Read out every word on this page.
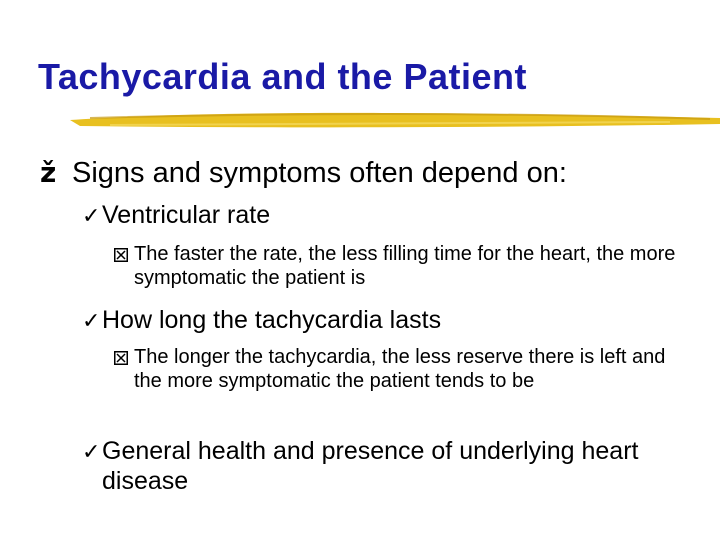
Tachycardia and the Patient
ž Signs and symptoms often depend on:
✓ Ventricular rate
The faster the rate, the less filling time for the heart, the more symptomatic the patient is
✓ How long the tachycardia lasts
The longer the tachycardia, the less reserve there is left and the more symptomatic the patient tends to be
✓ General health and presence of underlying heart disease
